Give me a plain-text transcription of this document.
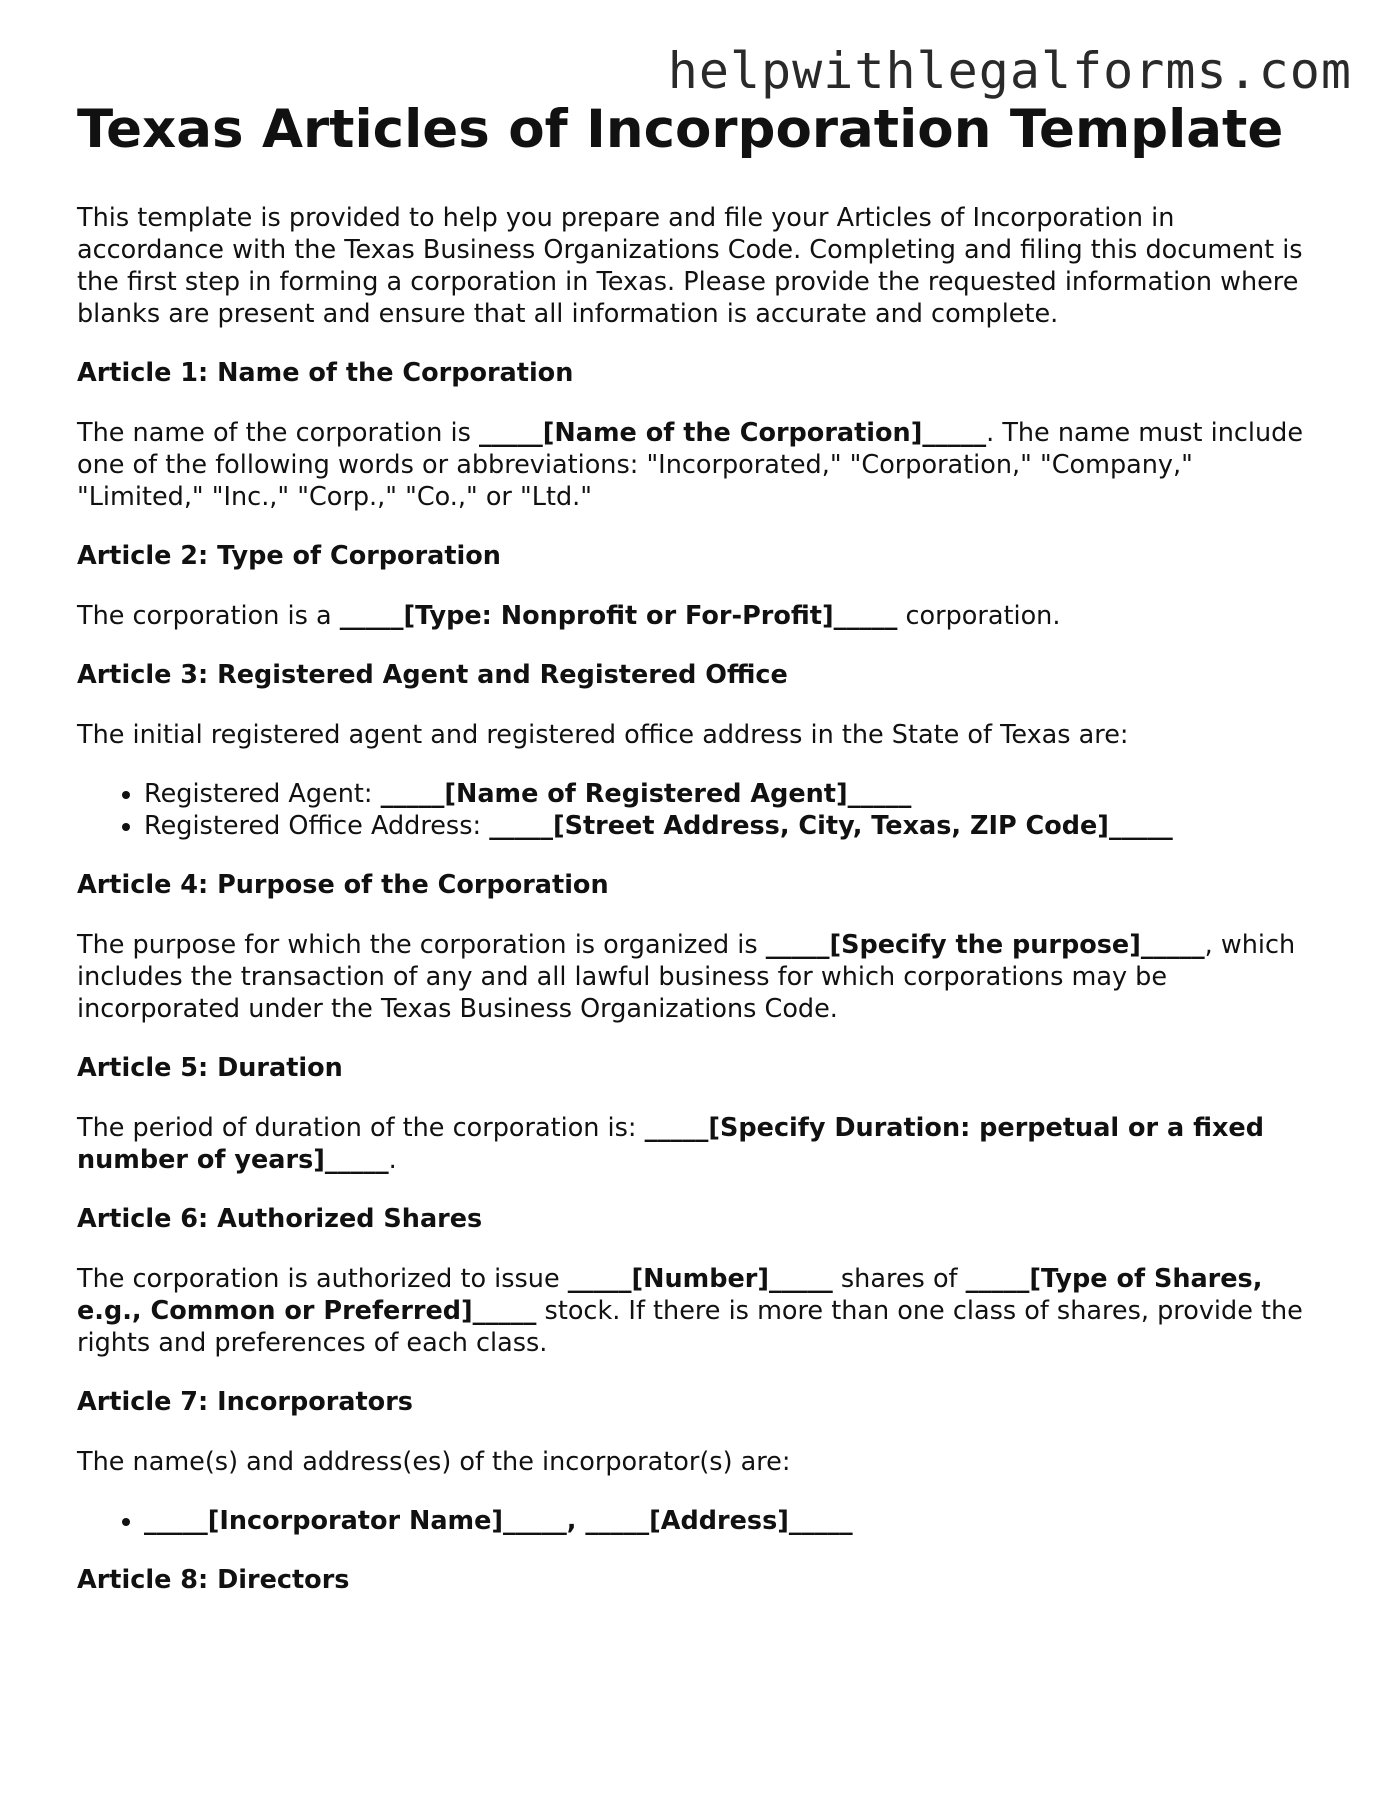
helpwithlegalforms.com
Texas Articles of Incorporation Template

This template is provided to help you prepare and file your Articles of Incorporation in accordance with the Texas Business Organizations Code. Completing and filing this document is the first step in forming a corporation in Texas. Please provide the requested information where blanks are present and ensure that all information is accurate and complete.

Article 1: Name of the Corporation

The name of the corporation is _____[Name of the Corporation]_____. The name must include one of the following words or abbreviations: "Incorporated," "Corporation," "Company," "Limited," "Inc.," "Corp.," "Co.," or "Ltd."

Article 2: Type of Corporation

The corporation is a _____[Type: Nonprofit or For-Profit]_____ corporation.

Article 3: Registered Agent and Registered Office

The initial registered agent and registered office address in the State of Texas are:

• Registered Agent: _____[Name of Registered Agent]_____
• Registered Office Address: _____[Street Address, City, Texas, ZIP Code]_____
Article 4: Purpose of the Corporation

The purpose for which the corporation is organized is _____[Specify the purpose]_____, which includes the transaction of any and all lawful business for which corporations may be incorporated under the Texas Business Organizations Code.

Article 5: Duration

The period of duration of the corporation is: _____[Specify Duration: perpetual or a fixed number of years]_____.

Article 6: Authorized Shares

The corporation is authorized to issue _____[Number]_____ shares of _____[Type of Shares, e.g., Common or Preferred]_____ stock. If there is more than one class of shares, provide the rights and preferences of each class.

Article 7: Incorporators

The name(s) and address(es) of the incorporator(s) are:

• _____[Incorporator Name]_____, _____[Address]_____
Article 8: Directors
